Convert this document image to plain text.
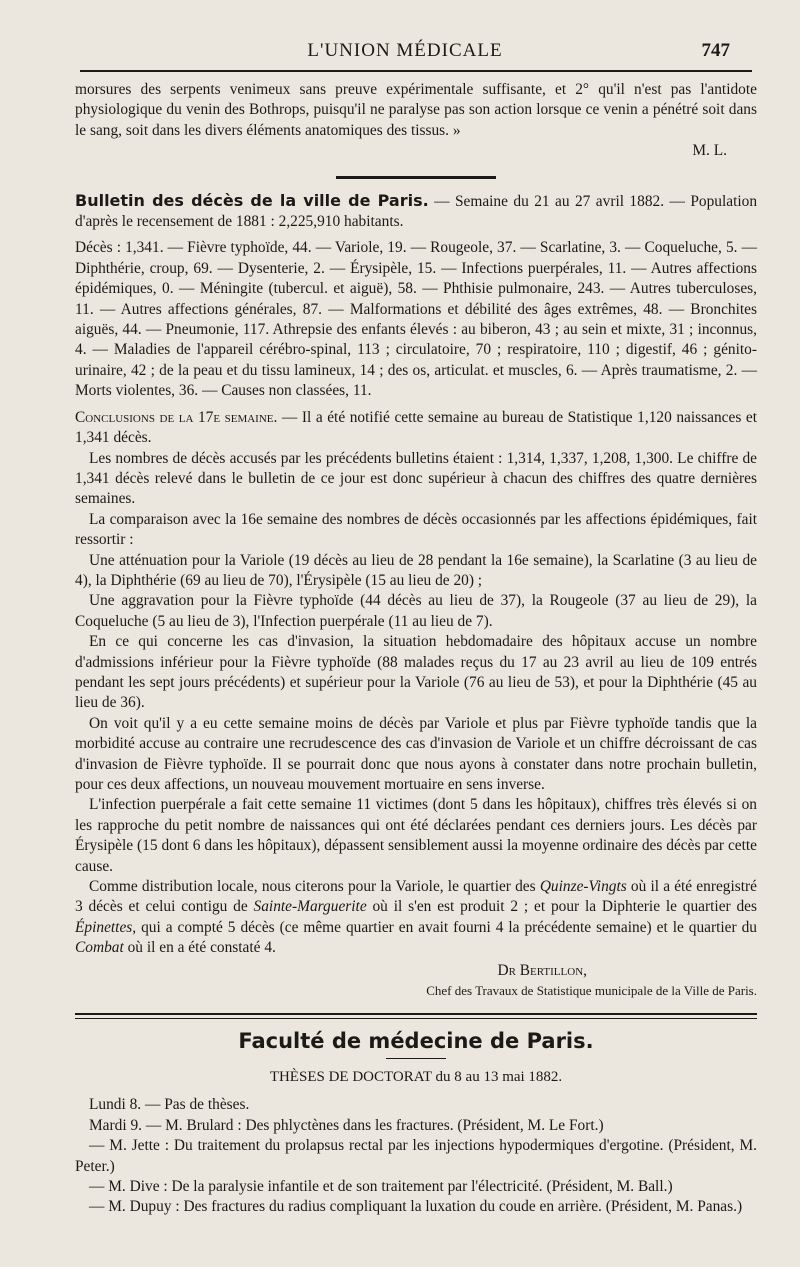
L'UNION MÉDICALE	747

morsures des serpents venimeux sans preuve expérimentale suffisante, et 2° qu'il n'est pas l'antidote physiologique du venin des Bothrops, puisqu'il ne paralyse pas son action lorsque ce venin a pénétré soit dans le sang, soit dans les divers éléments anatomiques des tissus. »

M. L.

Bulletin des décès de la ville de Paris. — Semaine du 21 au 27 avril 1882. — Population d'après le recensement de 1881 : 2,225,910 habitants.

Décès : 1,341. — Fièvre typhoïde, 44. — Variole, 19. — Rougeole, 37. — Scarlatine, 3. — Coqueluche, 5. — Diphthérie, croup, 69. — Dysenterie, 2. — Érysipèle, 15. — Infections puerpérales, 11. — Autres affections épidémiques, 0. — Méningite (tubercul. et aiguë), 58. — Phthisie pulmonaire, 243. — Autres tuberculoses, 11. — Autres affections générales, 87. — Malformations et débilité des âges extrêmes, 48. — Bronchites aiguës, 44. — Pneumonie, 117. Athrepsie des enfants élevés : au biberon, 43 ; au sein et mixte, 31 ; inconnus, 4. — Maladies de l'appareil cérébro-spinal, 113 ; circulatoire, 70 ; respiratoire, 110 ; digestif, 46 ; génito-urinaire, 42 ; de la peau et du tissu lamineux, 14 ; des os, articulat. et muscles, 6. — Après traumatisme, 2. — Morts violentes, 36. — Causes non classées, 11.

Conclusions de la 17e semaine. — Il a été notifié cette semaine au bureau de Statistique 1,120 naissances et 1,341 décès.

Les nombres de décès accusés par les précédents bulletins étaient : 1,314, 1,337, 1,208, 1,300. Le chiffre de 1,341 décès relevé dans le bulletin de ce jour est donc supérieur à chacun des chiffres des quatre dernières semaines.

La comparaison avec la 16e semaine des nombres de décès occasionnés par les affections épidémiques, fait ressortir :

Une atténuation pour la Variole (19 décès au lieu de 28 pendant la 16e semaine), la Scarlatine (3 au lieu de 4), la Diphthérie (69 au lieu de 70), l'Érysipèle (15 au lieu de 20) ;

Une aggravation pour la Fièvre typhoïde (44 décès au lieu de 37), la Rougeole (37 au lieu de 29), la Coqueluche (5 au lieu de 3), l'Infection puerpérale (11 au lieu de 7).

En ce qui concerne les cas d'invasion, la situation hebdomadaire des hôpitaux accuse un nombre d'admissions inférieur pour la Fièvre typhoïde (88 malades reçus du 17 au 23 avril au lieu de 109 entrés pendant les sept jours précédents) et supérieur pour la Variole (76 au lieu de 53), et pour la Diphthérie (45 au lieu de 36).

On voit qu'il y a eu cette semaine moins de décès par Variole et plus par Fièvre typhoïde tandis que la morbidité accuse au contraire une recrudescence des cas d'invasion de Variole et un chiffre décroissant de cas d'invasion de Fièvre typhoïde. Il se pourrait donc que nous ayons à constater dans notre prochain bulletin, pour ces deux affections, un nouveau mouvement mortuaire en sens inverse.

L'infection puerpérale a fait cette semaine 11 victimes (dont 5 dans les hôpitaux), chiffres très élevés si on les rapproche du petit nombre de naissances qui ont été déclarées pendant ces derniers jours. Les décès par Érysipèle (15 dont 6 dans les hôpitaux), dépassent sensiblement aussi la moyenne ordinaire des décès par cette cause.

Comme distribution locale, nous citerons pour la Variole, le quartier des Quinze-Vingts où il a été enregistré 3 décès et celui contigu de Sainte-Marguerite où il s'en est produit 2 ; et pour la Diphterie le quartier des Épinettes, qui a compté 5 décès (ce même quartier en avait fourni 4 la précédente semaine) et le quartier du Combat où il en a été constaté 4.

Dr Bertillon,

Chef des Travaux de Statistique municipale de la Ville de Paris.

Faculté de médecine de Paris.

THÈSES DE DOCTORAT du 8 au 13 mai 1882.

Lundi 8. — Pas de thèses.

Mardi 9. — M. Brulard : Des phlyctènes dans les fractures. (Président, M. Le Fort.)

— M. Jette : Du traitement du prolapsus rectal par les injections hypodermiques d'ergotine. (Président, M. Peter.)

— M. Dive : De la paralysie infantile et de son traitement par l'électricité. (Président, M. Ball.)

— M. Dupuy : Des fractures du radius compliquant la luxation du coude en arrière. (Président, M. Panas.)
